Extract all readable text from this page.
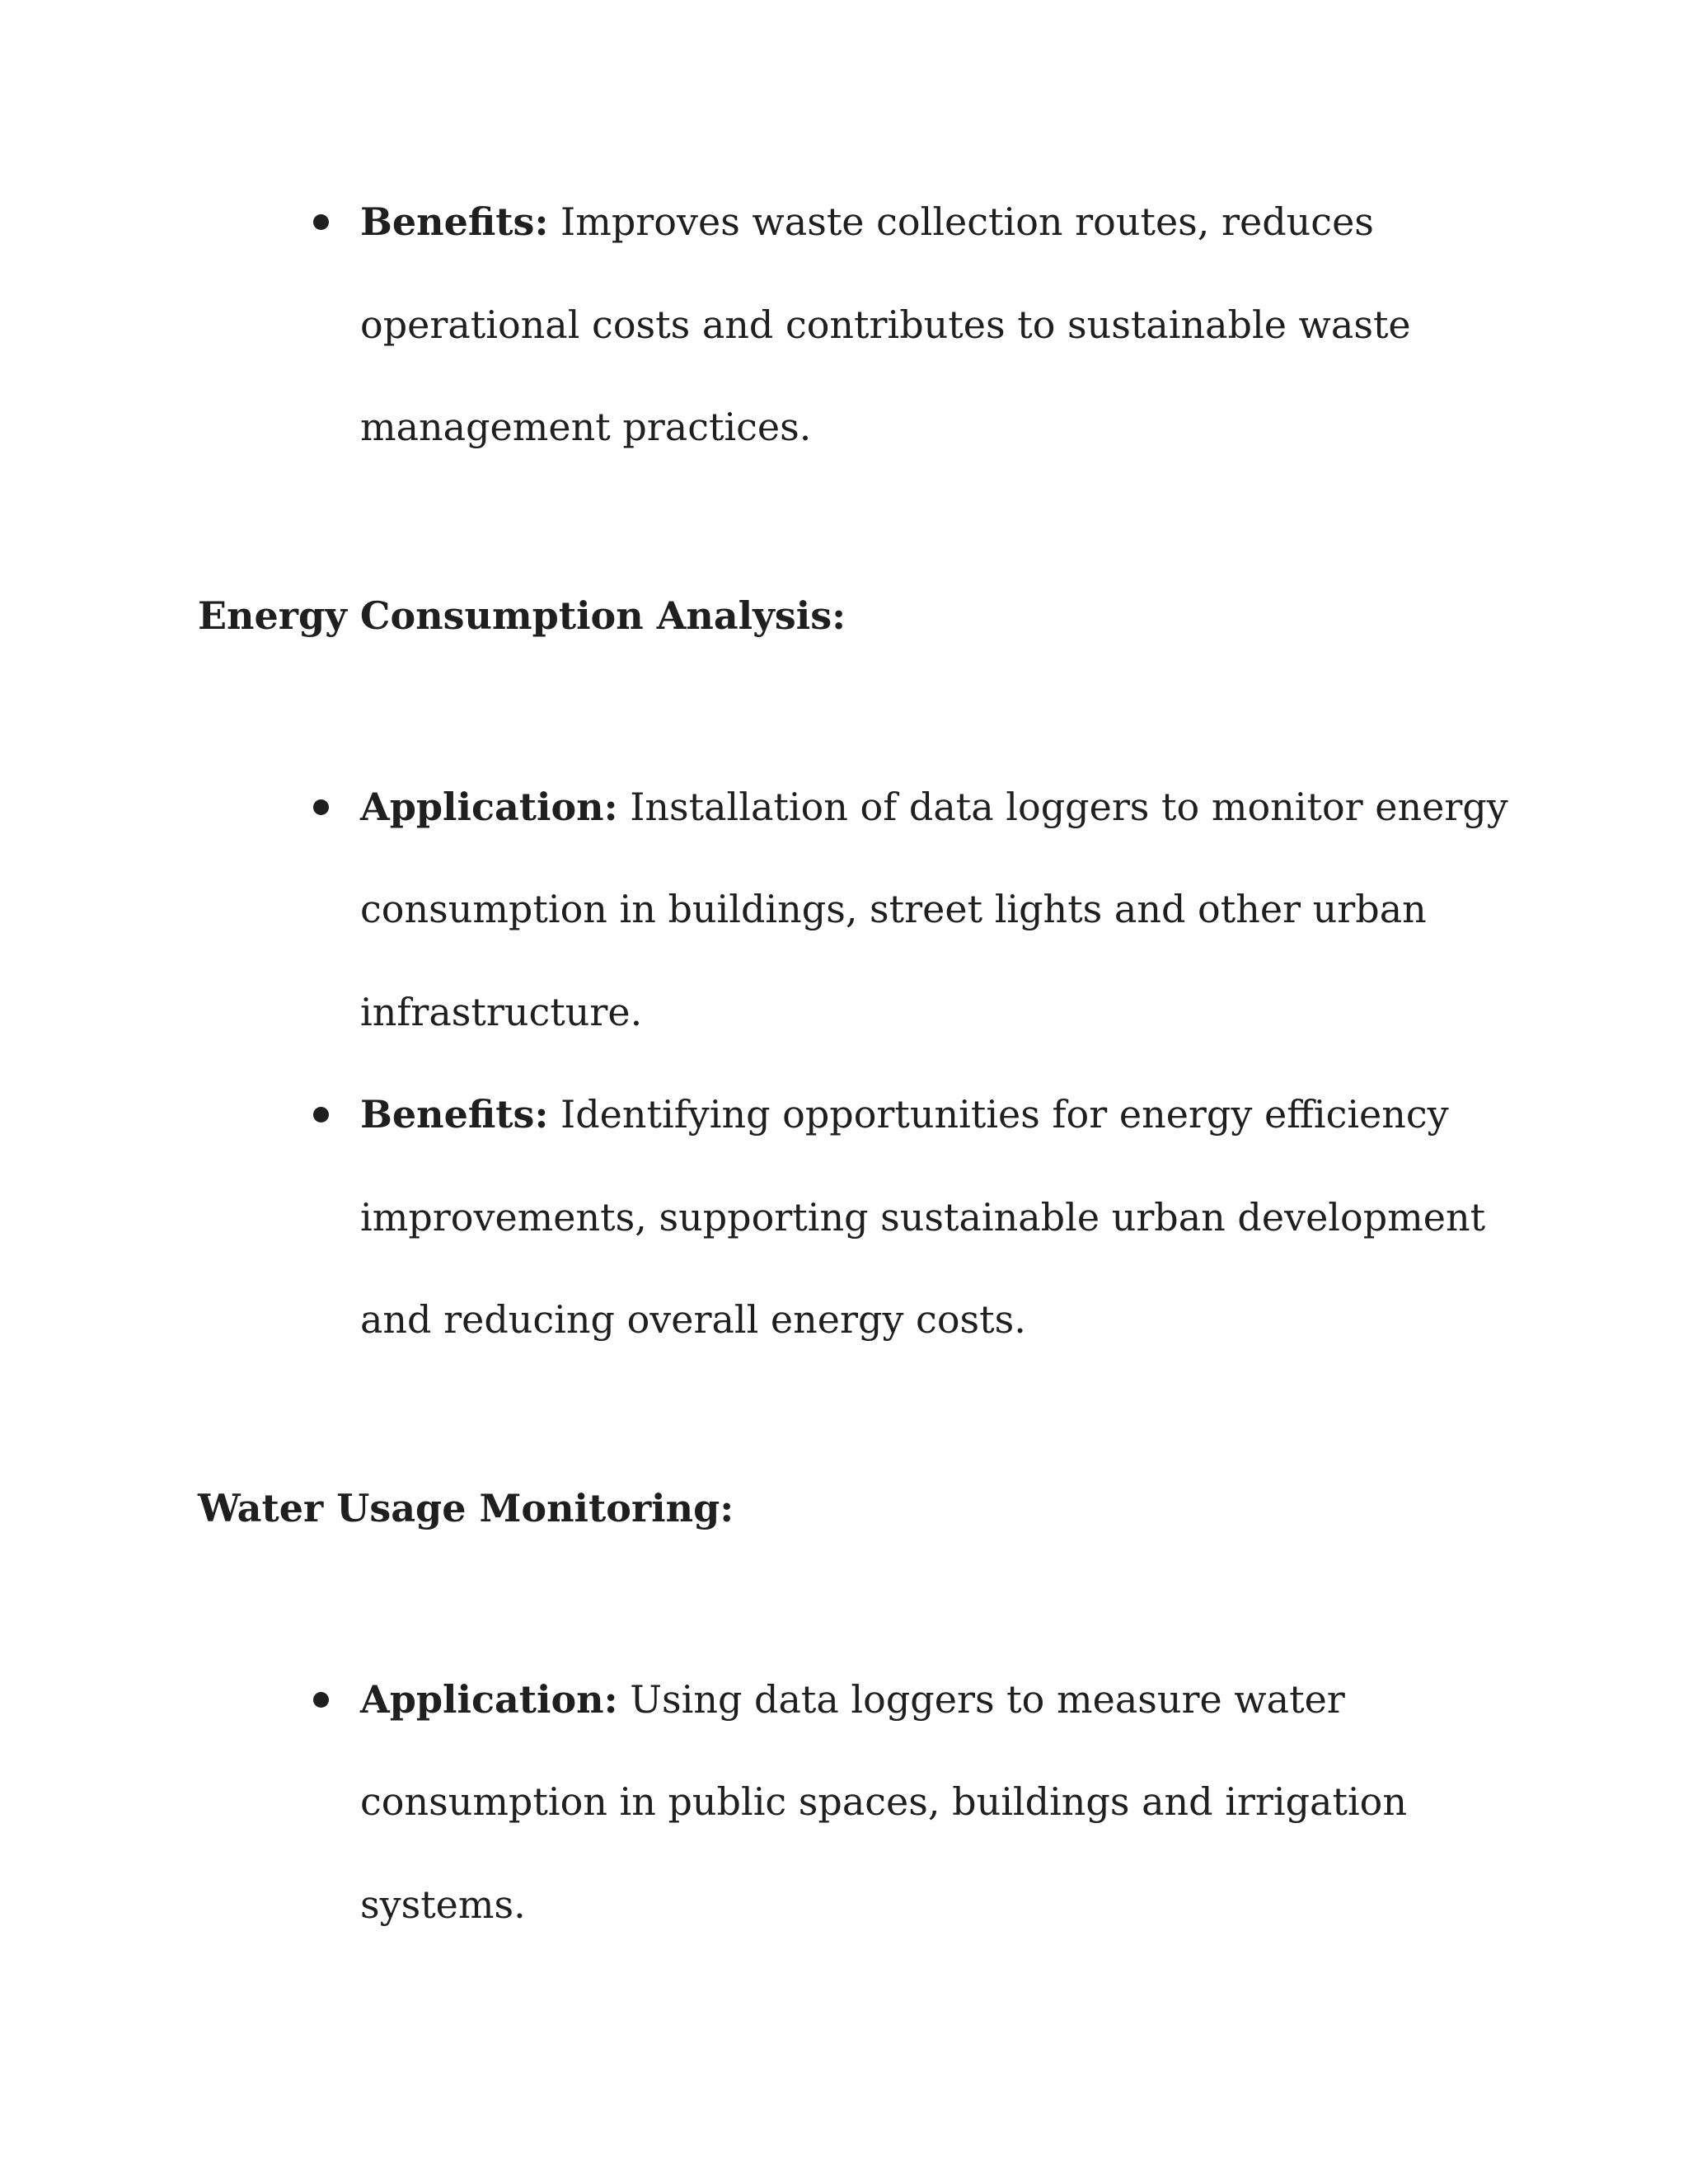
Benefits: Improves waste collection routes, reduces
operational costs and contributes to sustainable waste
management practices.
Energy Consumption Analysis:
Application: Installation of data loggers to monitor energy
consumption in buildings, street lights and other urban
infrastructure.
Benefits: Identifying opportunities for energy efficiency
improvements, supporting sustainable urban development
and reducing overall energy costs.
Water Usage Monitoring:
Application: Using data loggers to measure water
consumption in public spaces, buildings and irrigation
systems.
